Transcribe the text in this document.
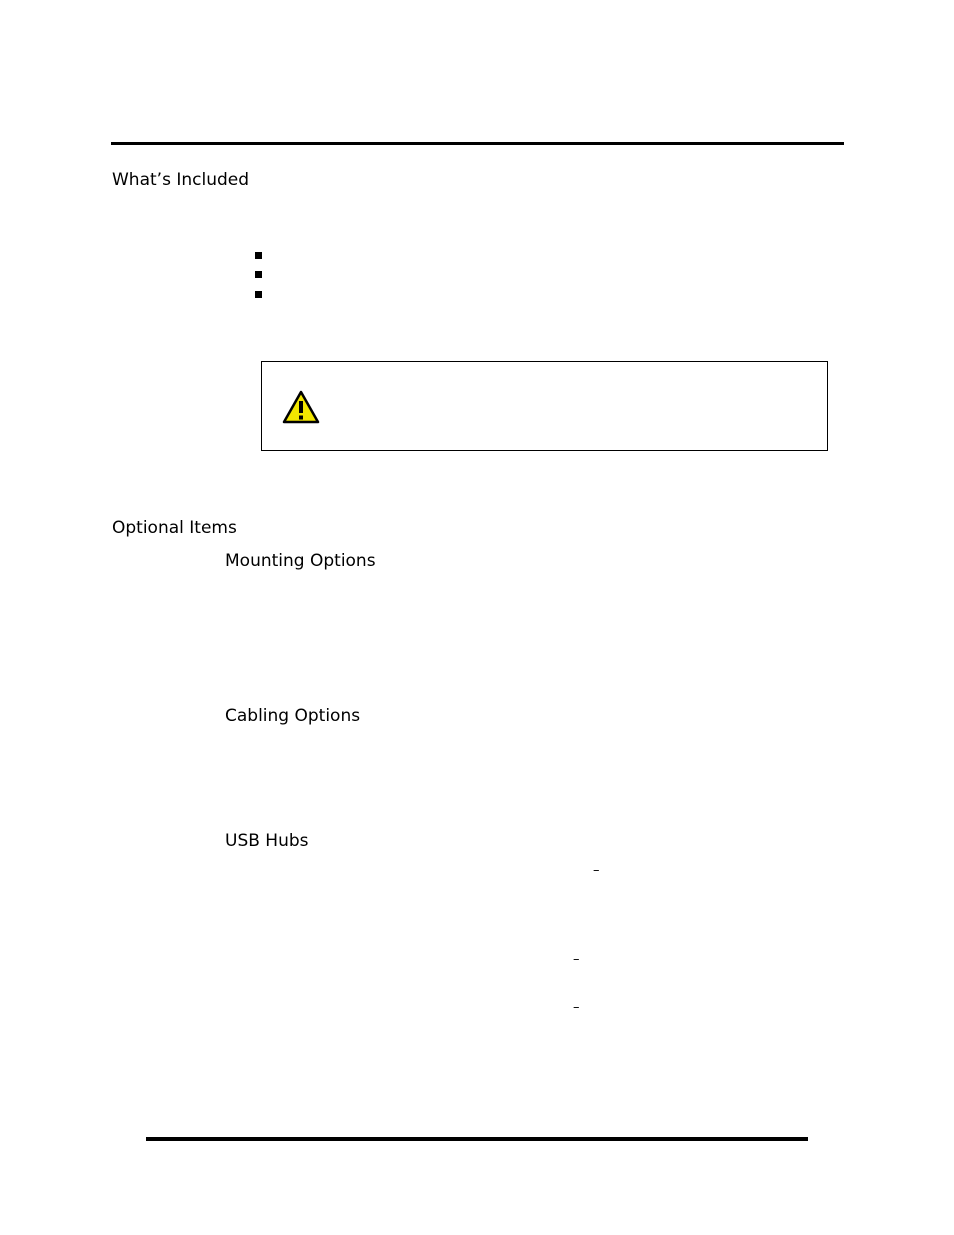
What’s Included
Optional Items
Mounting Options
Cabling Options
USB Hubs
–
–
–
